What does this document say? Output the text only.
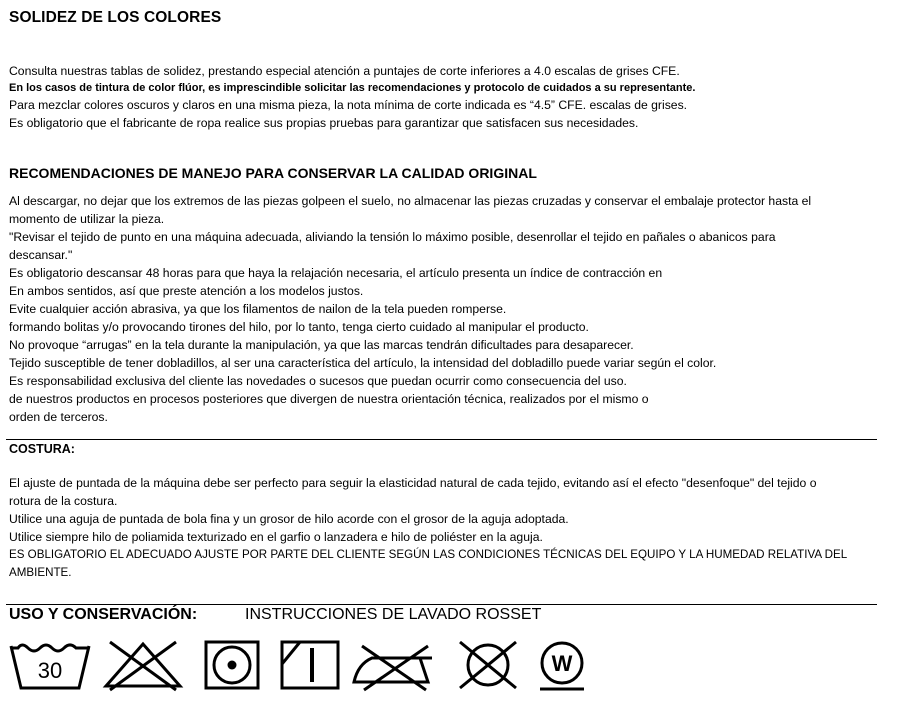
SOLIDEZ DE LOS COLORES
Consulta nuestras tablas de solidez, prestando especial atención a puntajes de corte inferiores a 4.0 escalas de grises CFE.
En los casos de tintura de color flúor, es imprescindible solicitar las recomendaciones y protocolo de cuidados a su representante.
Para mezclar colores oscuros y claros en una misma pieza, la nota mínima de corte indicada es “4.5” CFE. escalas de grises.
Es obligatorio que el fabricante de ropa realice sus propias pruebas para garantizar que satisfacen sus necesidades.
RECOMENDACIONES DE MANEJO PARA CONSERVAR LA CALIDAD ORIGINAL
Al descargar, no dejar que los extremos de las piezas golpeen el suelo, no almacenar las piezas cruzadas y conservar el embalaje protector hasta el
momento de utilizar la pieza.
"Revisar el tejido de punto en una máquina adecuada, aliviando la tensión lo máximo posible, desenrollar el tejido en pañales o abanicos para
descansar."
Es obligatorio descansar 48 horas para que haya la relajación necesaria, el artículo presenta un índice de contracción en
En ambos sentidos, así que preste atención a los modelos justos.
Evite cualquier acción abrasiva, ya que los filamentos de nailon de la tela pueden romperse.
formando bolitas y/o provocando tirones del hilo, por lo tanto, tenga cierto cuidado al manipular el producto.
No provoque “arrugas” en la tela durante la manipulación, ya que las marcas tendrán dificultades para desaparecer.
Tejido susceptible de tener dobladillos, al ser una característica del artículo, la intensidad del dobladillo puede variar según el color.
Es responsabilidad exclusiva del cliente las novedades o sucesos que puedan ocurrir como consecuencia del uso.
de nuestros productos en procesos posteriores que divergen de nuestra orientación técnica, realizados por el mismo o
orden de terceros.
COSTURA:
El ajuste de puntada de la máquina debe ser perfecto para seguir la elasticidad natural de cada tejido, evitando así el efecto "desenfoque" del tejido o
rotura de la costura.
Utilice una aguja de puntada de bola fina y un grosor de hilo acorde con el grosor de la aguja adoptada.
Utilice siempre hilo de poliamida texturizado en el garfio o lanzadera e hilo de poliéster en la aguja.
ES OBLIGATORIO EL ADECUADO AJUSTE POR PARTE DEL CLIENTE SEGÚN LAS CONDICIONES TÉCNICAS DEL EQUIPO Y LA HUMEDAD RELATIVA DEL
AMBIENTE.
USO Y CONSERVACIÓN:	INSTRUCCIONES DE LAVADO ROSSET
30	W
